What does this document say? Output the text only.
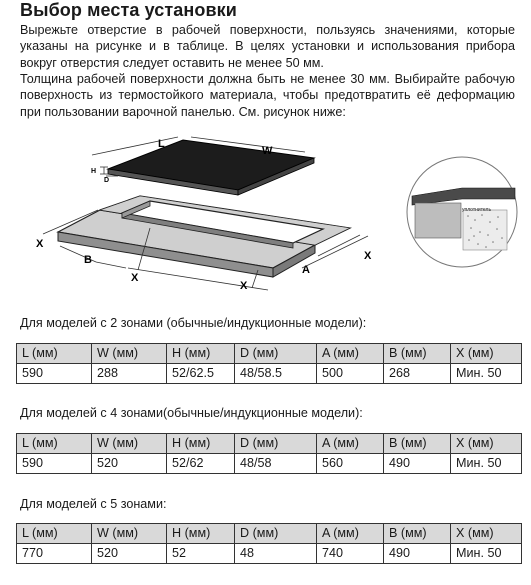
Выбор места установки
Вырежьте отверстие в рабочей поверхности, пользуясь значениями, которые указаны на рисунке и в таблице. В целях установки и использования прибора вокруг отверстия следует оставить не менее 50 мм.
Толщина рабочей поверхности должна быть не менее 30 мм. Выбирайте рабочую поверхность из термостойкого материала, чтобы предотвратить её деформацию при пользовании варочной панелью. См. рисунок ниже:
L
W
H
D
X
B
X
X
A
X
уплотнитель
Для моделей с 2 зонами (обычные/индукционные модели):
L (мм)	W (мм)	H (мм)	D (мм)	A (мм)	B (мм)	X (мм)
590	288	52/62.5	48/58.5	500	268	Мин. 50
Для моделей с 4 зонами(обычные/индукционные модели):
L (мм)	W (мм)	H (мм)	D (мм)	A (мм)	B (мм)	X (мм)
590	520	52/62	48/58	560	490	Мин. 50
Для моделей с 5 зонами:
L (мм)	W (мм)	H (мм)	D (мм)	A (мм)	B (мм)	X (мм)
770	520	52	48	740	490	Мин. 50
